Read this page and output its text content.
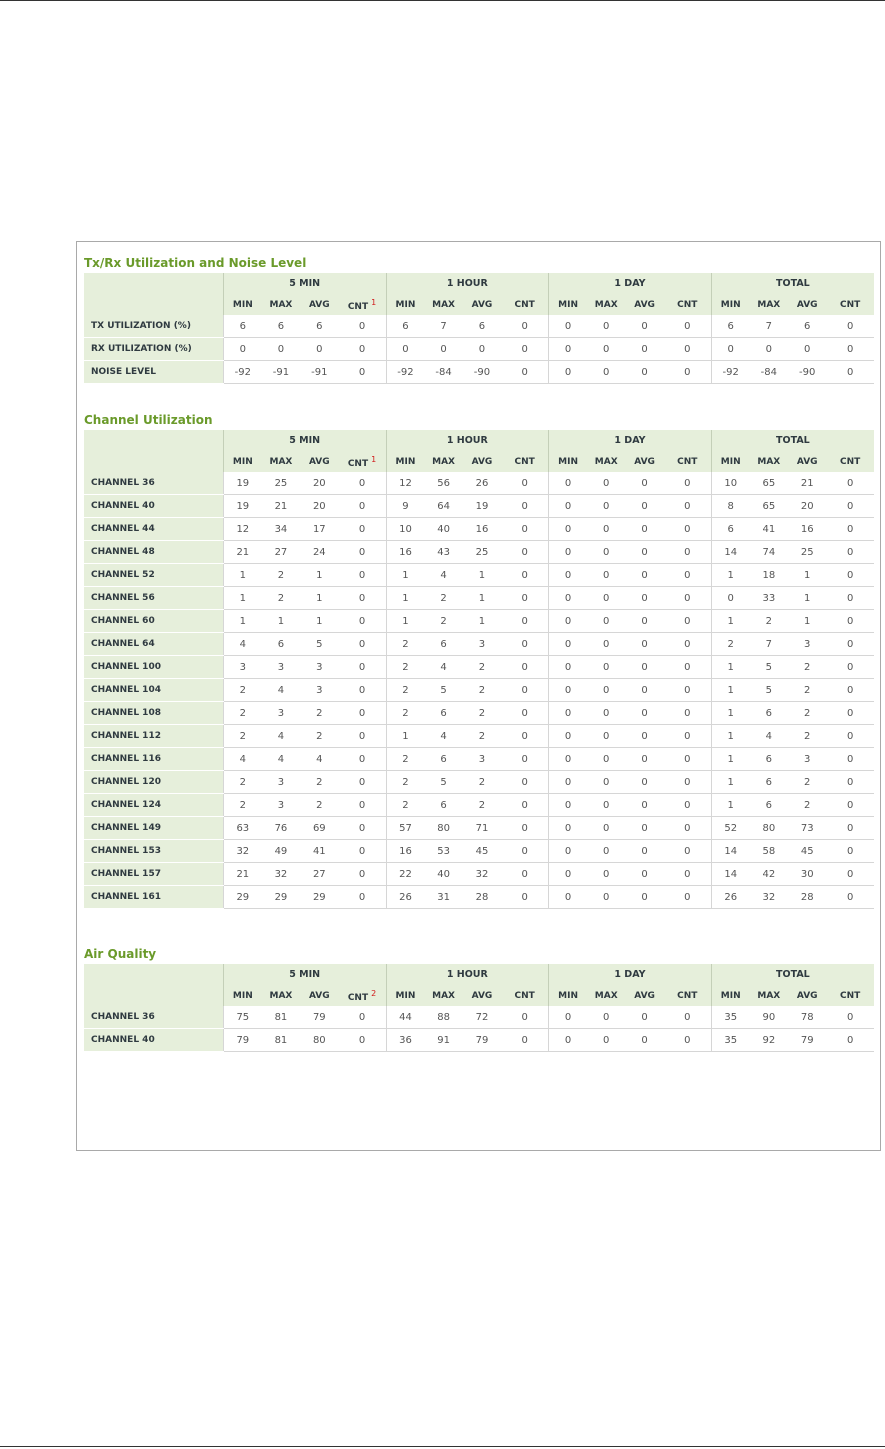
Tx/Rx Utilization and Noise Level
	5 MIN				1 HOUR				1 DAY				TOTAL			
	MIN	MAX	AVG	CNT $^1$	MIN	MAX	AVG	CNT	MIN	MAX	AVG	CNT	MIN	MAX	AVG	CNT
TX UTILIZATION (%)	6	6	6	0	6	7	6	0	0	0	0	0	6	7	6	0
RX UTILIZATION (%)	0	0	0	0	0	0	0	0	0	0	0	0	0	0	0	0
NOISE LEVEL	-92	-91	-91	0	-92	-84	-90	0	0	0	0	0	-92	-84	-90	0
Channel Utilization
	5 MIN				1 HOUR				1 DAY				TOTAL			
	MIN	MAX	AVG	CNT $^1$	MIN	MAX	AVG	CNT	MIN	MAX	AVG	CNT	MIN	MAX	AVG	CNT
CHANNEL 36	19	25	20	0	12	56	26	0	0	0	0	0	10	65	21	0
CHANNEL 40	19	21	20	0	9	64	19	0	0	0	0	0	8	65	20	0
CHANNEL 44	12	34	17	0	10	40	16	0	0	0	0	0	6	41	16	0
CHANNEL 48	21	27	24	0	16	43	25	0	0	0	0	0	14	74	25	0
CHANNEL 52	1	2	1	0	1	4	1	0	0	0	0	0	1	18	1	0
CHANNEL 56	1	2	1	0	1	2	1	0	0	0	0	0	0	33	1	0
CHANNEL 60	1	1	1	0	1	2	1	0	0	0	0	0	1	2	1	0
CHANNEL 64	4	6	5	0	2	6	3	0	0	0	0	0	2	7	3	0
CHANNEL 100	3	3	3	0	2	4	2	0	0	0	0	0	1	5	2	0
CHANNEL 104	2	4	3	0	2	5	2	0	0	0	0	0	1	5	2	0
CHANNEL 108	2	3	2	0	2	6	2	0	0	0	0	0	1	6	2	0
CHANNEL 112	2	4	2	0	1	4	2	0	0	0	0	0	1	4	2	0
CHANNEL 116	4	4	4	0	2	6	3	0	0	0	0	0	1	6	3	0
CHANNEL 120	2	3	2	0	2	5	2	0	0	0	0	0	1	6	2	0
CHANNEL 124	2	3	2	0	2	6	2	0	0	0	0	0	1	6	2	0
CHANNEL 149	63	76	69	0	57	80	71	0	0	0	0	0	52	80	73	0
CHANNEL 153	32	49	41	0	16	53	45	0	0	0	0	0	14	58	45	0
CHANNEL 157	21	32	27	0	22	40	32	0	0	0	0	0	14	42	30	0
CHANNEL 161	29	29	29	0	26	31	28	0	0	0	0	0	26	32	28	0
Air Quality
	5 MIN				1 HOUR				1 DAY				TOTAL			
	MIN	MAX	AVG	CNT $^2$	MIN	MAX	AVG	CNT	MIN	MAX	AVG	CNT	MIN	MAX	AVG	CNT
CHANNEL 36	75	81	79	0	44	88	72	0	0	0	0	0	35	90	78	0
CHANNEL 40	79	81	80	0	36	91	79	0	0	0	0	0	35	92	79	0
